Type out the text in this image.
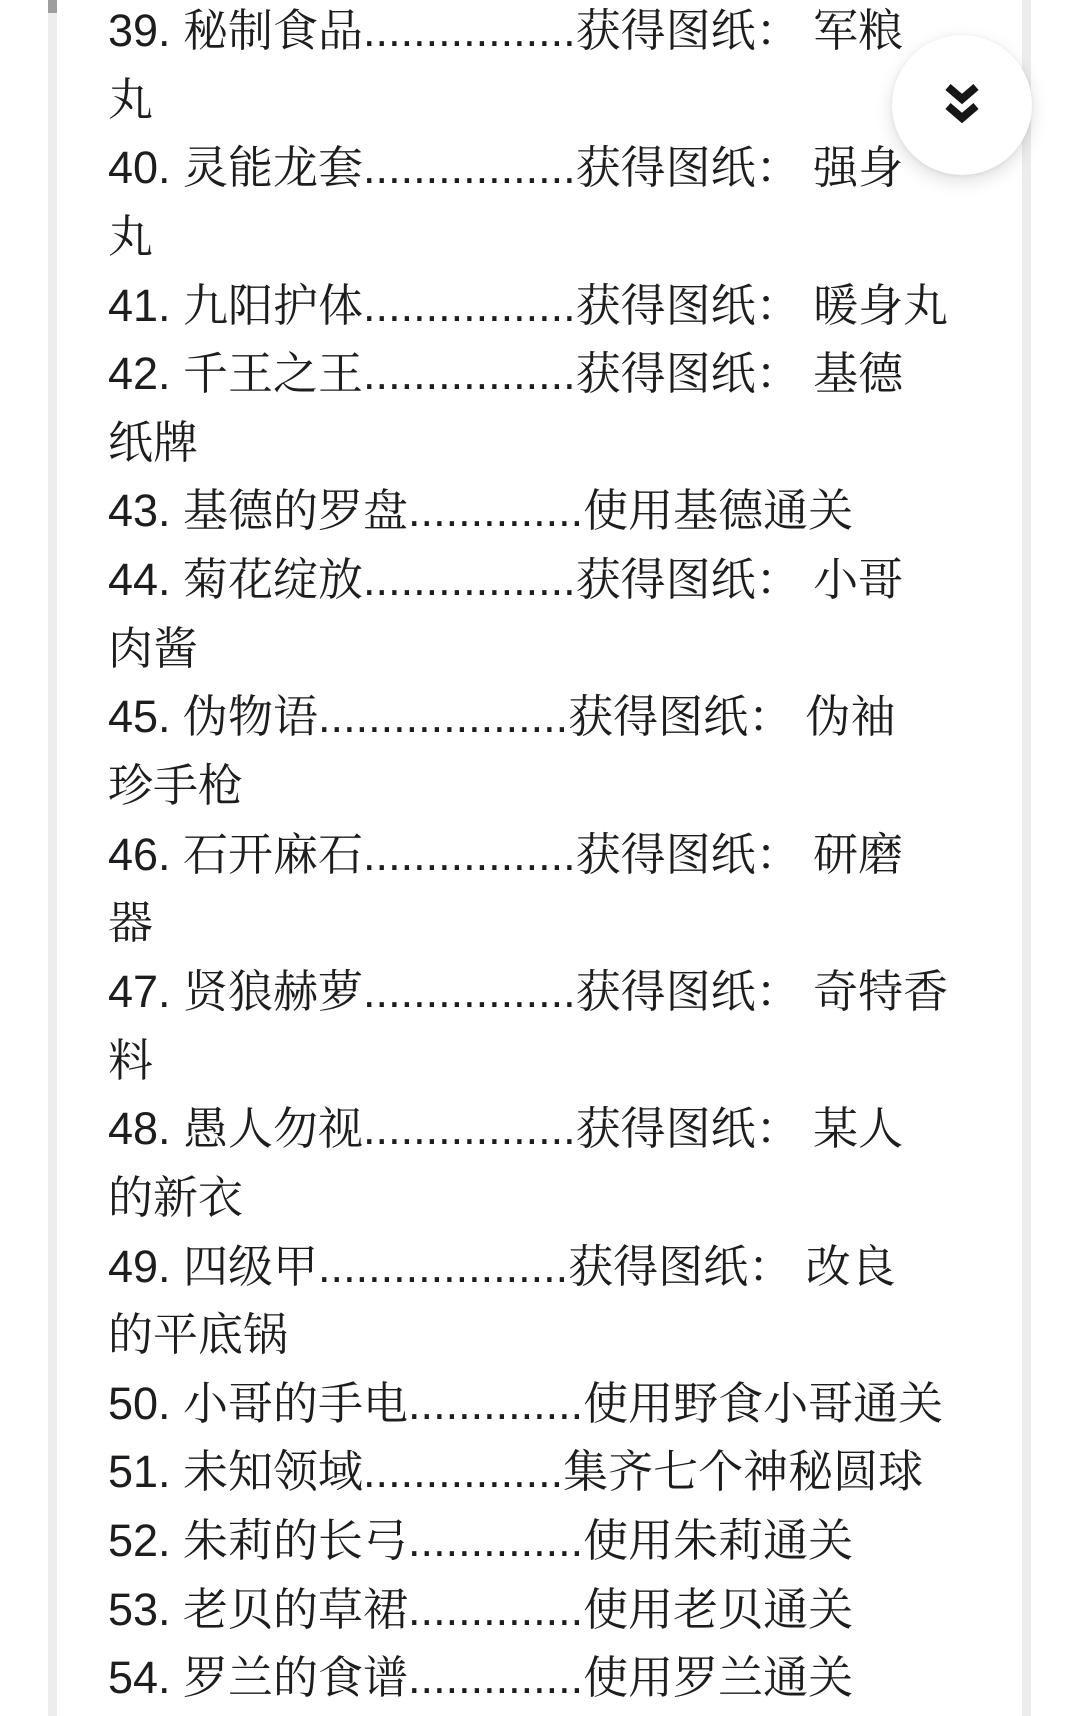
39. 秘制食品.................获得图纸： 军粮
丸
40. 灵能龙套.................获得图纸： 强身
丸
41. 九阳护体.................获得图纸： 暖身丸
42. 千王之王.................获得图纸： 基德
纸牌
43. 基德的罗盘..............使用基德通关
44. 菊花绽放.................获得图纸： 小哥
肉酱
45. 伪物语....................获得图纸： 伪袖
珍手枪
46. 石开麻石.................获得图纸： 研磨
器
47. 贤狼赫萝.................获得图纸： 奇特香
料
48. 愚人勿视.................获得图纸： 某人
的新衣
49. 四级甲....................获得图纸： 改良
的平底锅
50. 小哥的手电..............使用野食小哥通关
51. 未知领域................集齐七个神秘圆球
52. 朱莉的长弓..............使用朱莉通关
53. 老贝的草裙..............使用老贝通关
54. 罗兰的食谱..............使用罗兰通关
